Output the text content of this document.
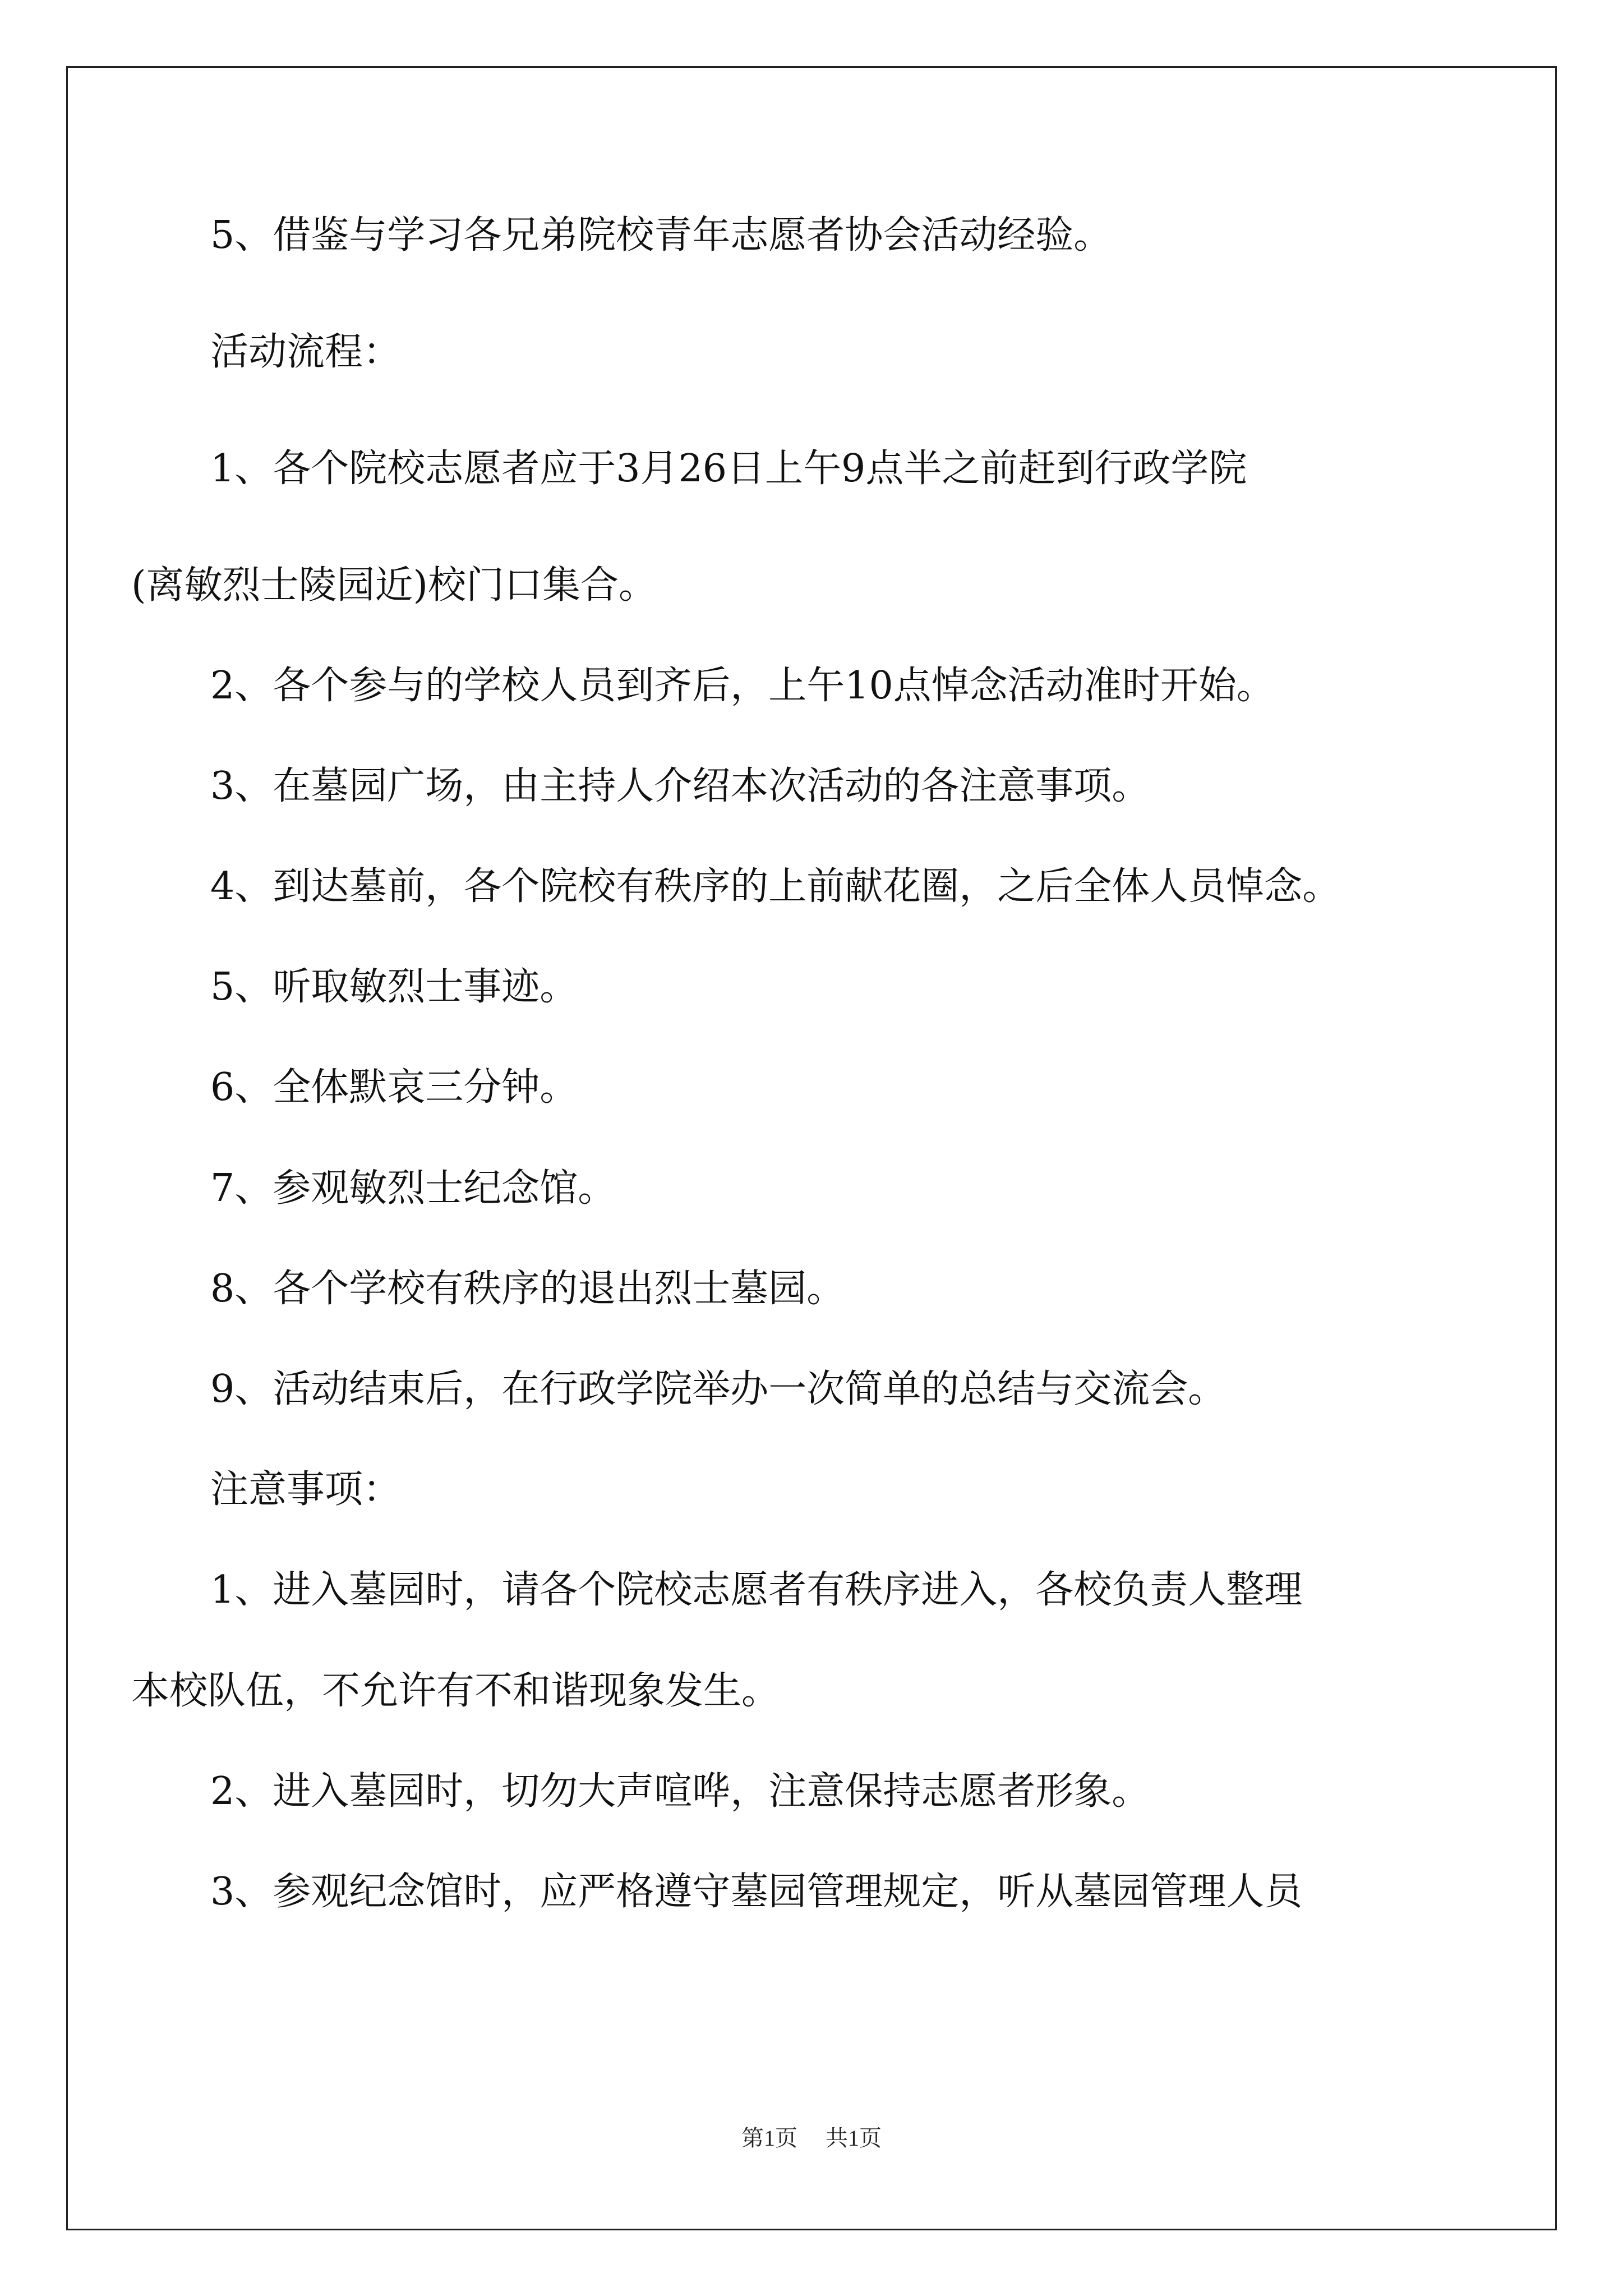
5、借鉴与学习各兄弟院校青年志愿者协会活动经验。

活动流程：

1、各个院校志愿者应于3月26日上午9点半之前赶到行政学院

(离敏烈士陵园近)校门口集合。

2、各个参与的学校人员到齐后，上午10点悼念活动准时开始。

3、在墓园广场，由主持人介绍本次活动的各注意事项。

4、到达墓前，各个院校有秩序的上前献花圈，之后全体人员悼念。

5、听取敏烈士事迹。

6、全体默哀三分钟。

7、参观敏烈士纪念馆。

8、各个学校有秩序的退出烈士墓园。

9、活动结束后，在行政学院举办一次简单的总结与交流会。

注意事项：

1、进入墓园时，请各个院校志愿者有秩序进入，各校负责人整理

本校队伍，不允许有不和谐现象发生。

2、进入墓园时，切勿大声喧哗，注意保持志愿者形象。

3、参观纪念馆时，应严格遵守墓园管理规定，听从墓园管理人员

第1页 共1页
